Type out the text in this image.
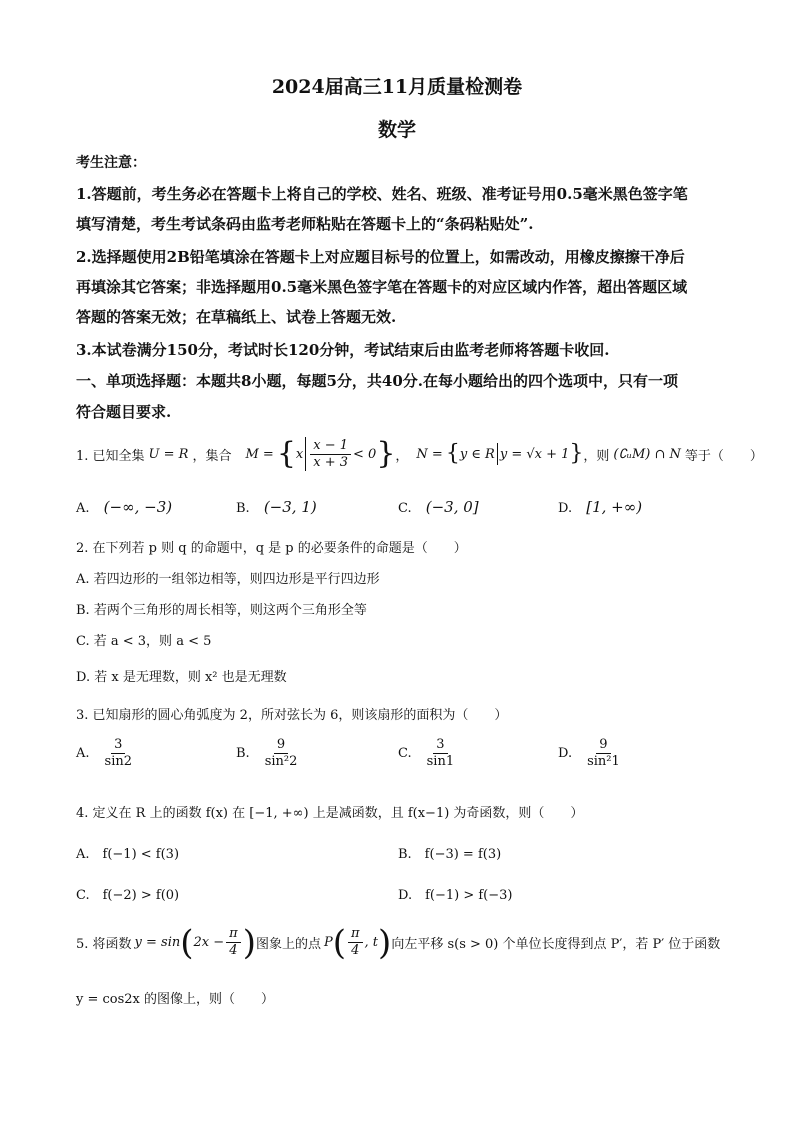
2024届高三11月质量检测卷
数学
考生注意：
1.答题前，考生务必在答题卡上将自己的学校、姓名、班级、准考证号用0.5毫米黑色签字笔
填写清楚，考生考试条码由监考老师粘贴在答题卡上的“条码粘贴处”.
2.选择题使用2B铅笔填涂在答题卡上对应题目标号的位置上，如需改动，用橡皮擦擦干净后
再填涂其它答案；非选择题用0.5毫米黑色签字笔在答题卡的对应区域内作答，超出答题区域
答题的答案无效；在草稿纸上、试卷上答题无效.
3.本试卷满分150分，考试时长120分钟，考试结束后由监考老师将答题卡收回.
一、单项选择题：本题共8小题，每题5分，共40分.在每小题给出的四个选项中，只有一项
符合题目要求.
1. 已知全集 U = R ，集合 M = { x $\frac{x - 1}{x + 3} < 0$ } ， N = { y ∈ R y = √x + 1 } ，则 (∁ᵤM) ∩ N 等于（　　）
A. (−∞, −3)	B. (−3, 1)	C. (−3, 0]	D. [1, +∞)
2. 在下列若 p 则 q 的命题中，q 是 p 的必要条件的命题是（　　）
A. 若四边形的一组邻边相等，则四边形是平行四边形
B. 若两个三角形的周长相等，则这两个三角形全等
C. 若 a < 3，则 a < 5
D. 若 x 是无理数，则 x² 也是无理数
3. 已知扇形的圆心角弧度为 2，所对弦长为 6，则该扇形的面积为（　　）
A. $\frac{3}{\sin 2}$	B. $\frac{9}{\text{sin²2}}$	C. $\frac{3}{\sin 1}$	D. $\frac{9}{\text{sin²1}}$
4. 定义在 R 上的函数 f(x) 在 [−1, +∞) 上是减函数，且 f(x−1) 为奇函数，则（　　）
A.　f(−1) < f(3)	B.　f(−3) = f(3)
C.　f(−2) > f(0)	D.　f(−1) > f(−3)
5. 将函数 y = sin ( $2x - \frac{\pi}{4}$ ) 图象上的点 P ( $\frac{\pi}{4}$ , t ) 向左平移 s(s > 0) 个单位长度得到点 P′，若 P′ 位于函数
y = cos2x 的图像上，则（　　）
